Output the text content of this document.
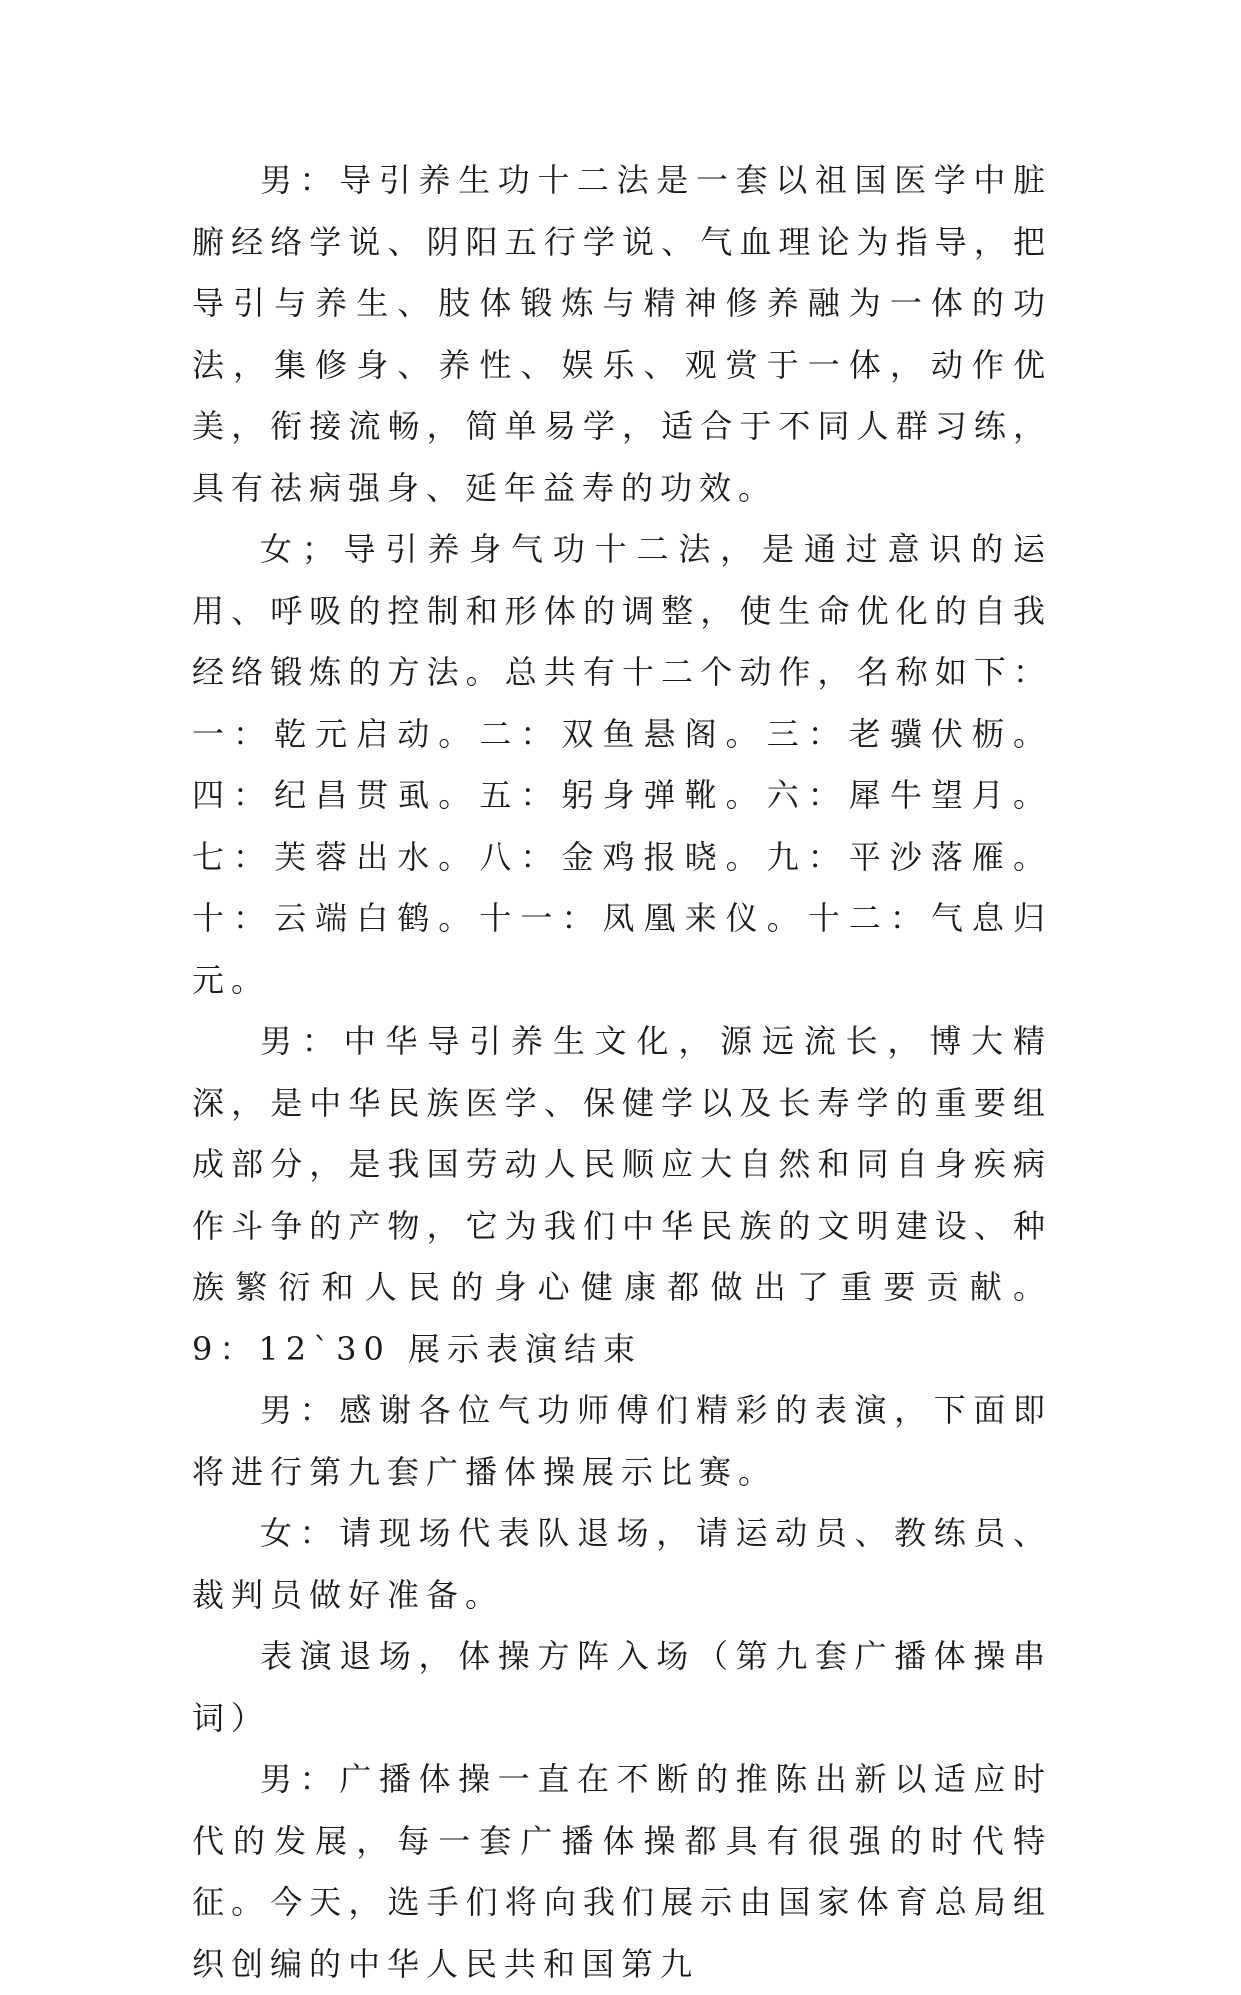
男：导引养生功十二法是一套以祖国医学中脏腑经络学说、阴阳五行学说、气血理论为指导，把导引与养生、肢体锻炼与精神修养融为一体的功法，集修身、养性、娱乐、观赏于一体，动作优美，衔接流畅，简单易学，适合于不同人群习练，具有祛病强身、延年益寿的功效。

女；导引养身气功十二法，是通过意识的运用、呼吸的控制和形体的调整，使生命优化的自我经络锻炼的方法。总共有十二个动作，名称如下：一：乾元启动。二：双鱼悬阁。三：老骥伏枥。四：纪昌贯虱。五：躬身弹靴。六：犀牛望月。七：芙蓉出水。八：金鸡报晓。九：平沙落雁。十：云端白鹤。十一：凤凰来仪。十二：气息归元。

男：中华导引养生文化，源远流长，博大精深，是中华民族医学、保健学以及长寿学的重要组成部分，是我国劳动人民顺应大自然和同自身疾病作斗争的产物，它为我们中华民族的文明建设、种族繁衍和人民的身心健康都做出了重要贡献。 9：12`30 展示表演结束

男：感谢各位气功师傅们精彩的表演，下面即将进行第九套广播体操展示比赛。

女：请现场代表队退场，请运动员、教练员、裁判员做好准备。

表演退场，体操方阵入场（第九套广播体操串词）

男：广播体操一直在不断的推陈出新以适应时代的发展，每一套广播体操都具有很强的时代特征。今天，选手们将向我们展示由国家体育总局组织创编的中华人民共和国第九
